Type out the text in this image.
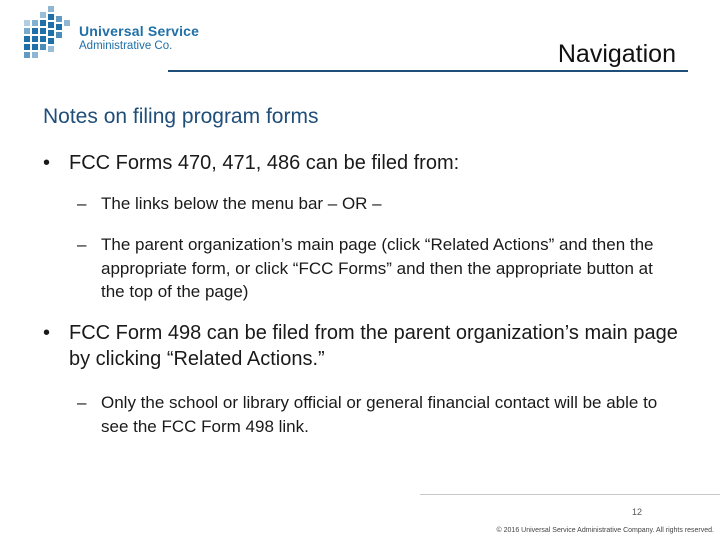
Universal Service
Administrative Co.	Navigation
Notes on filing program forms
• FCC Forms 470, 471, 486 can be filed from:
– The links below the menu bar – OR –
– The parent organization’s main page (click “Related Actions” and then the appropriate form, or click “FCC Forms” and then the appropriate button at the top of the page)
• FCC Form 498 can be filed from the parent organization’s main page by clicking “Related Actions.”
– Only the school or library official or general financial contact will be able to see the FCC Form 498 link.
12
© 2016 Universal Service Administrative Company. All rights reserved.
